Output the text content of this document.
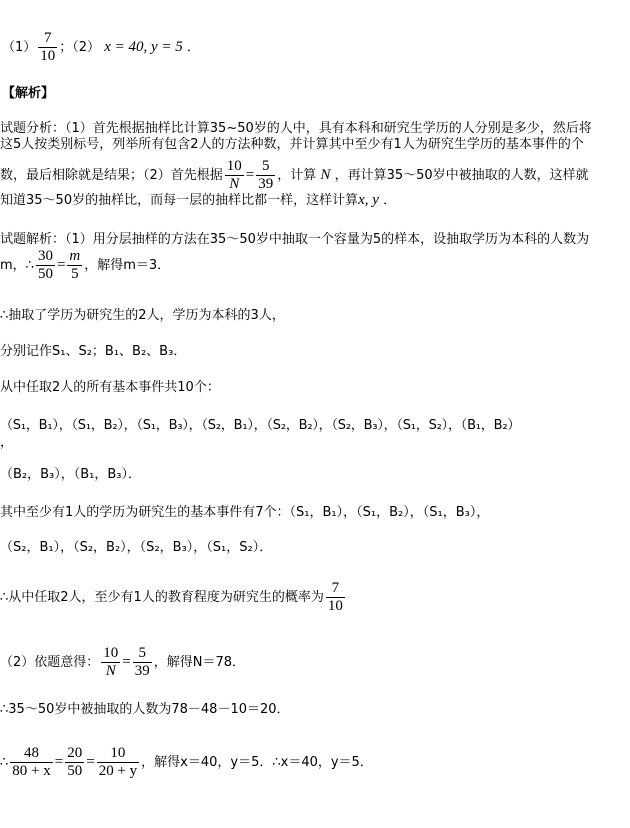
$(1) \frac{7}{10}$ ；（2） x = 40, y = 5 ．
【解析】
试题分析：（1）首先根据抽样比计算35~50岁的人中，具有本科和研究生学历的人分别是多少，然后将
这5人按类别标号，列举所有包含2人的方法种数，并计算其中至少有1人为研究生学历的基本事件的个
数，最后相除就是结果；（2）首先根据 $\frac{10}{N} = \frac{5}{39}$ ，计算 N ，再计算35～50岁中被抽取的人数，这样就
知道35～50岁的抽样比，而每一层的抽样比都一样，这样计算x, y ．
试题解析：（1）用分层抽样的方法在35～50岁中抽取一个容量为5的样本，设抽取学历为本科的人数为
m，∴ $\frac{30}{50} = \frac{m}{5}$ ，解得m＝3．
∴抽取了学历为研究生的2人，学历为本科的3人，
分别记作S₁、S₂；B₁、B₂、B₃．
从中任取2人的所有基本事件共10个：
（S₁，B₁），（S₁，B₂），（S₁，B₃），（S₂，B₁），（S₂，B₂），（S₂，B₃），（S₁，S₂），（B₁，B₂）
，
（B₂，B₃），（B₁，B₃）．
其中至少有1人的学历为研究生的基本事件有7个：（S₁，B₁），（S₁，B₂），（S₁，B₃），
（S₂，B₁），（S₂，B₂），（S₂，B₃），（S₁，S₂）．
∴从中任取2人，至少有1人的教育程度为研究生的概率为 $\frac{7}{10}$
（2）依题意得： $\frac{10}{N} = \frac{5}{39}$ ，解得N＝78．
∴35～50岁中被抽取的人数为78－48－10＝20．
∴ $\frac{48}{80 + x} = \frac{20}{50} = \frac{10}{20 + y}$ ，解得x＝40，y＝5．∴x＝40，y＝5．
